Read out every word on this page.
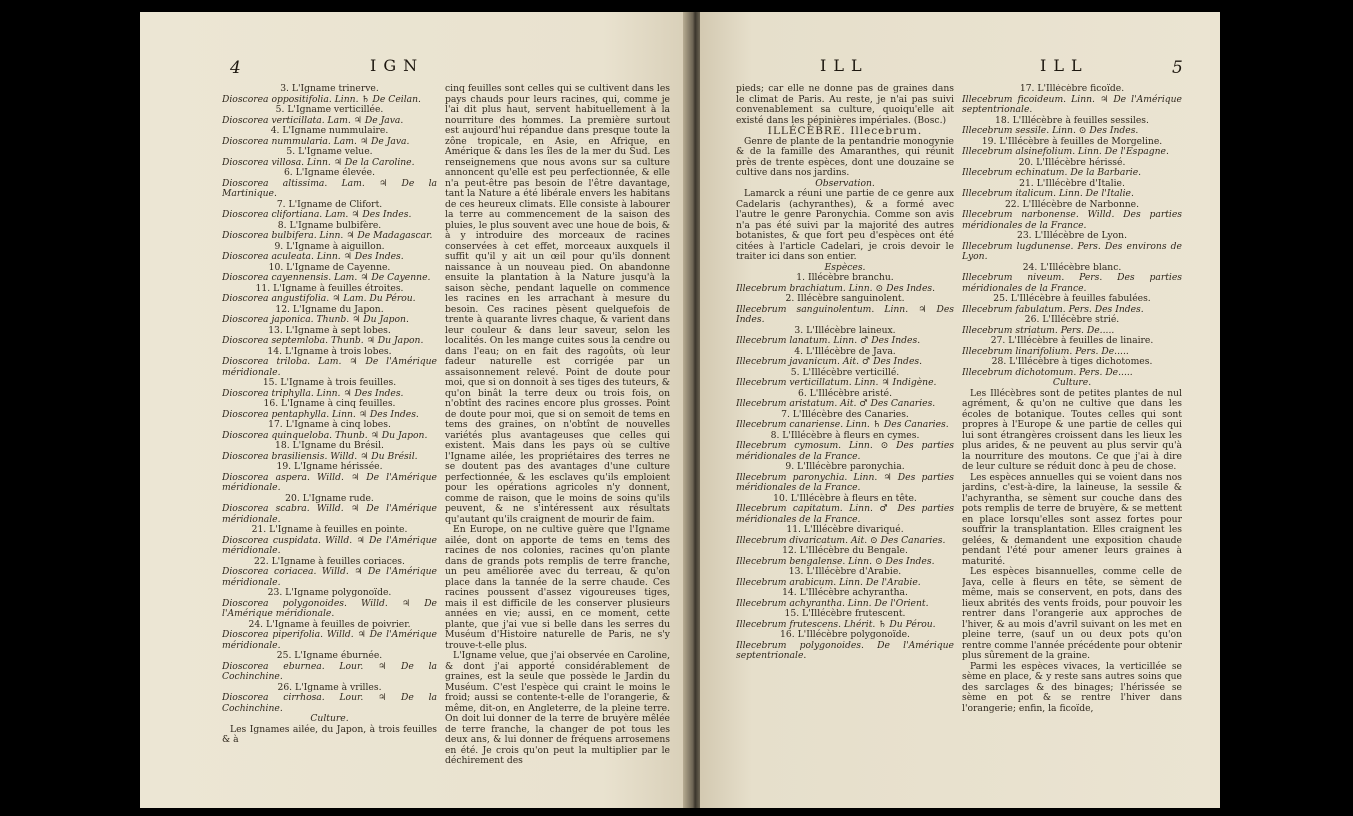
4	IGN

3. L'Igname trinerve.

Dioscorea oppositifolia. Linn. ♄ De Ceilan.

5. L'Igname verticillée.

Dioscorea verticillata. Lam. ♃ De Java.

4. L'Igname nummulaire.

Dioscorea nummularia. Lam. ♃ De Java.

5. L'Igname velue.

Dioscorea villosa. Linn. ♃ De la Caroline.

6. L'Igname élevée.

Dioscorea altissima. Lam. ♃ De la Martinique.

7. L'Igname de Clifort.

Dioscorea clifortiana. Lam. ♃ Des Indes.

8. L'Igname bulbifère.

Dioscorea bulbifera. Linn. ♃ De Madagascar.

9. L'Igname à aiguillon.

Dioscorea aculeata. Linn. ♃ Des Indes.

10. L'Igname de Cayenne.

Dioscorea cayennensis. Lam. ♃ De Cayenne.

11. L'Igname à feuilles étroites.

Dioscorea angustifolia. ♃ Lam. Du Pérou.

12. L'Igname du Japon.

Dioscorea japonica. Thunb. ♃ Du Japon.

13. L'Igname à sept lobes.

Dioscorea septemloba. Thunb. ♃ Du Japon.

14. L'Igname à trois lobes.

Dioscorea triloba. Lam. ♃ De l'Amérique méridionale.

15. L'Igname à trois feuilles.

Dioscorea triphylla. Linn. ♃ Des Indes.

16. L'Igname à cinq feuilles.

Dioscorea pentaphylla. Linn. ♃ Des Indes.

17. L'Igname à cinq lobes.

Dioscorea quinqueloba. Thunb. ♃ Du Japon.

18. L'Igname du Brésil.

Dioscorea brasiliensis. Willd. ♃ Du Brésil.

19. L'Igname hérissée.

Dioscorea aspera. Willd. ♃ De l'Amérique méridionale.

20. L'Igname rude.

Dioscorea scabra. Willd. ♃ De l'Amérique méridionale.

21. L'Igname à feuilles en pointe.

Dioscorea cuspidata. Willd. ♃ De l'Amérique méridionale.

22. L'Igname à feuilles coriaces.

Dioscorea coriacea. Willd. ♃ De l'Amérique méridionale.

23. L'Igname polygonoïde.

Dioscorea polygonoides. Willd. ♃ De l'Amérique méridionale.

24. L'Igname à feuilles de poivrier.

Dioscorea piperifolia. Willd. ♃ De l'Amérique méridionale.

25. L'Igname éburnée.

Dioscorea eburnea. Lour. ♃ De la Cochinchine.

26. L'Igname à vrilles.

Dioscorea cirrhosa. Lour. ♃ De la Cochinchine.

Culture.

Les Ignames ailée, du Japon, à trois feuilles & à

cinq feuilles sont celles qui se cultivent dans les pays chauds pour leurs racines, qui, comme je l'ai dit plus haut, servent habituellement à la nourriture des hommes. La première surtout est aujourd'hui répandue dans presque toute la zône tropicale, en Asie, en Afrique, en Amérique & dans les îles de la mer du Sud. Les renseignemens que nous avons sur sa culture annoncent qu'elle est peu perfectionnée, & elle n'a peut-être pas besoin de l'être davantage, tant la Nature a été libérale envers les habitans de ces heureux climats. Elle consiste à labourer la terre au commencement de la saison des pluies, le plus souvent avec une houe de bois, & à y introduire des morceaux de racines conservées à cet effet, morceaux auxquels il suffit qu'il y ait un œil pour qu'ils donnent naissance à un nouveau pied. On abandonne ensuite la plantation à la Nature jusqu'à la saison sèche, pendant laquelle on commence les racines en les arrachant à mesure du besoin. Ces racines pèsent quelquefois de trente à quarante livres chaque, & varient dans leur couleur & dans leur saveur, selon les localités. On les mange cuites sous la cendre ou dans l'eau; on en fait des ragoûts, où leur fadeur naturelle est corrigée par un assaisonnement relevé. Point de doute pour moi, que si on donnoit à ses tiges des tuteurs, & qu'on binât la terre deux ou trois fois, on n'obtînt des racines encore plus grosses. Point de doute pour moi, que si on semoit de tems en tems des graines, on n'obtînt de nouvelles variétés plus avantageuses que celles qui existent. Mais dans les pays où se cultive l'Igname ailée, les propriétaires des terres ne se doutent pas des avantages d'une culture perfectionnée, & les esclaves qu'ils emploient pour les opérations agricoles n'y donnent, comme de raison, que le moins de soins qu'ils peuvent, & ne s'intéressent aux résultats qu'autant qu'ils craignent de mourir de faim.

En Europe, on ne cultive guère que l'Igname ailée, dont on apporte de tems en tems des racines de nos colonies, racines qu'on plante dans de grands pots remplis de terre franche, un peu améliorée avec du terreau, & qu'on place dans la tannée de la serre chaude. Ces racines poussent d'assez vigoureuses tiges, mais il est difficile de les conserver plusieurs années en vie; aussi, en ce moment, cette plante, que j'ai vue si belle dans les serres du Muséum d'Histoire naturelle de Paris, ne s'y trouve-t-elle plus.

L'Igname velue, que j'ai observée en Caroline, & dont j'ai apporté considérablement de graines, est la seule que possède le Jardin du Muséum. C'est l'espèce qui craint le moins le froid; aussi se contente-t-elle de l'orangerie, & même, dit-on, en Angleterre, de la pleine terre. On doit lui donner de la terre de bruyère mêlée de terre franche, la changer de pot tous les deux ans, & lui donner de fréquens arrosemens en été. Je crois qu'on peut la multiplier par le déchirement des

ILL	ILL	5

pieds; car elle ne donne pas de graines dans le climat de Paris. Au reste, je n'ai pas suivi convenablement sa culture, quoiqu'elle ait existé dans les pépinières impériales. (Bosc.)

ILLÉCÈBRE. Illecebrum.

Genre de plante de la pentandrie monogynie & de la famille des Amaranthes, qui réunit près de trente espèces, dont une douzaine se cultive dans nos jardins.

Observation.

Lamarck a réuni une partie de ce genre aux Cadelaris (achyranthes), & a formé avec l'autre le genre Paronychia. Comme son avis n'a pas été suivi par la majorité des autres botanistes, & que fort peu d'espèces ont été citées à l'article Cadelari, je crois devoir le traiter ici dans son entier.

Espèces.

1. Illécèbre branchu.

Illecebrum brachiatum. Linn. ⊙ Des Indes.

2. Illécèbre sanguinolent.

Illecebrum sanguinolentum. Linn. ♃ Des Indes.

3. L'Illécèbre laineux.

Illecebrum lanatum. Linn. ♂ Des Indes.

4. L'Illécèbre de Java.

Illecebrum javanicum. Ait. ♂ Des Indes.

5. L'Illécèbre verticillé.

Illecebrum verticillatum. Linn. ♃ Indigène.

6. L'Illécèbre aristé.

Illecebrum aristatum. Ait. ♂ Des Canaries.

7. L'Illécèbre des Canaries.

Illecebrum canariense. Linn. ♄ Des Canaries.

8. L'Illécèbre à fleurs en cymes.

Illecebrum cymosum. Linn. ⊙ Des parties méridionales de la France.

9. L'Illécèbre paronychia.

Illecebrum paronychia. Linn. ♃ Des parties méridionales de la France.

10. L'Illécèbre à fleurs en tête.

Illecebrum capitatum. Linn. ♂ Des parties méridionales de la France.

11. L'Illécèbre divariqué.

Illecebrum divaricatum. Ait. ⊙ Des Canaries.

12. L'Illécèbre du Bengale.

Illecebrum bengalense. Linn. ⊙ Des Indes.

13. L'Illécèbre d'Arabie.

Illecebrum arabicum. Linn. De l'Arabie.

14. L'Illécèbre achyrantha.

Illecebrum achyrantha. Linn. De l'Orient.

15. L'Illécèbre frutescent.

Illecebrum frutescens. Lhérit. ♄ Du Pérou.

16. L'Illécèbre polygonoïde.

Illecebrum polygonoides. De l'Amérique septentrionale.

17. L'Illécèbre ficoïde.

Illecebrum ficoideum. Linn. ♃ De l'Amérique septentrionale.

18. L'Illécèbre à feuilles sessiles.

Illecebrum sessile. Linn. ⊙ Des Indes.

19. L'Illécèbre à feuilles de Morgeline.

Illecebrum alsinefolium. Linn. De l'Espagne.

20. L'Illécèbre hérissé.

Illecebrum echinatum. De la Barbarie.

21. L'Illécèbre d'Italie.

Illecebrum italicum. Linn. De l'Italie.

22. L'Illécèbre de Narbonne.

Illecebrum narbonense. Willd. Des parties méridionales de la France.

23. L'Illécèbre de Lyon.

Illecebrum lugdunense. Pers. Des environs de Lyon.

24. L'Illécèbre blanc.

Illecebrum niveum. Pers. Des parties méridionales de la France.

25. L'Illécèbre à feuilles fabulées.

Illecebrum fabulatum. Pers. Des Indes.

26. L'Illécèbre strié.

Illecebrum striatum. Pers. De.....

27. L'Illécèbre à feuilles de linaire.

Illecebrum linarifolium. Pers. De.....

28. L'Illécèbre à tiges dichotomes.

Illecebrum dichotomum. Pers. De.....

Culture.

Les Illécèbres sont de petites plantes de nul agrément, & qu'on ne cultive que dans les écoles de botanique. Toutes celles qui sont propres à l'Europe & une partie de celles qui lui sont étrangères croissent dans les lieux les plus arides, & ne peuvent au plus servir qu'à la nourriture des moutons. Ce que j'ai à dire de leur culture se réduit donc à peu de chose.

Les espèces annuelles qui se voient dans nos jardins, c'est-à-dire, la laineuse, la sessile & l'achyrantha, se sèment sur couche dans des pots remplis de terre de bruyère, & se mettent en place lorsqu'elles sont assez fortes pour souffrir la transplantation. Elles craignent les gelées, & demandent une exposition chaude pendant l'été pour amener leurs graines à maturité.

Les espèces bisannuelles, comme celle de Java, celle à fleurs en tête, se sèment de même, mais se conservent, en pots, dans des lieux abrités des vents froids, pour pouvoir les rentrer dans l'orangerie aux approches de l'hiver, & au mois d'avril suivant on les met en pleine terre, (sauf un ou deux pots qu'on rentre comme l'année précédente pour obtenir plus sûrement de la graine.

Parmi les espèces vivaces, la verticillée se sème en place, & y reste sans autres soins que des sarclages & des binages; l'hérissée se sème en pot & se rentre l'hiver dans l'orangerie; enfin, la ficoïde,
